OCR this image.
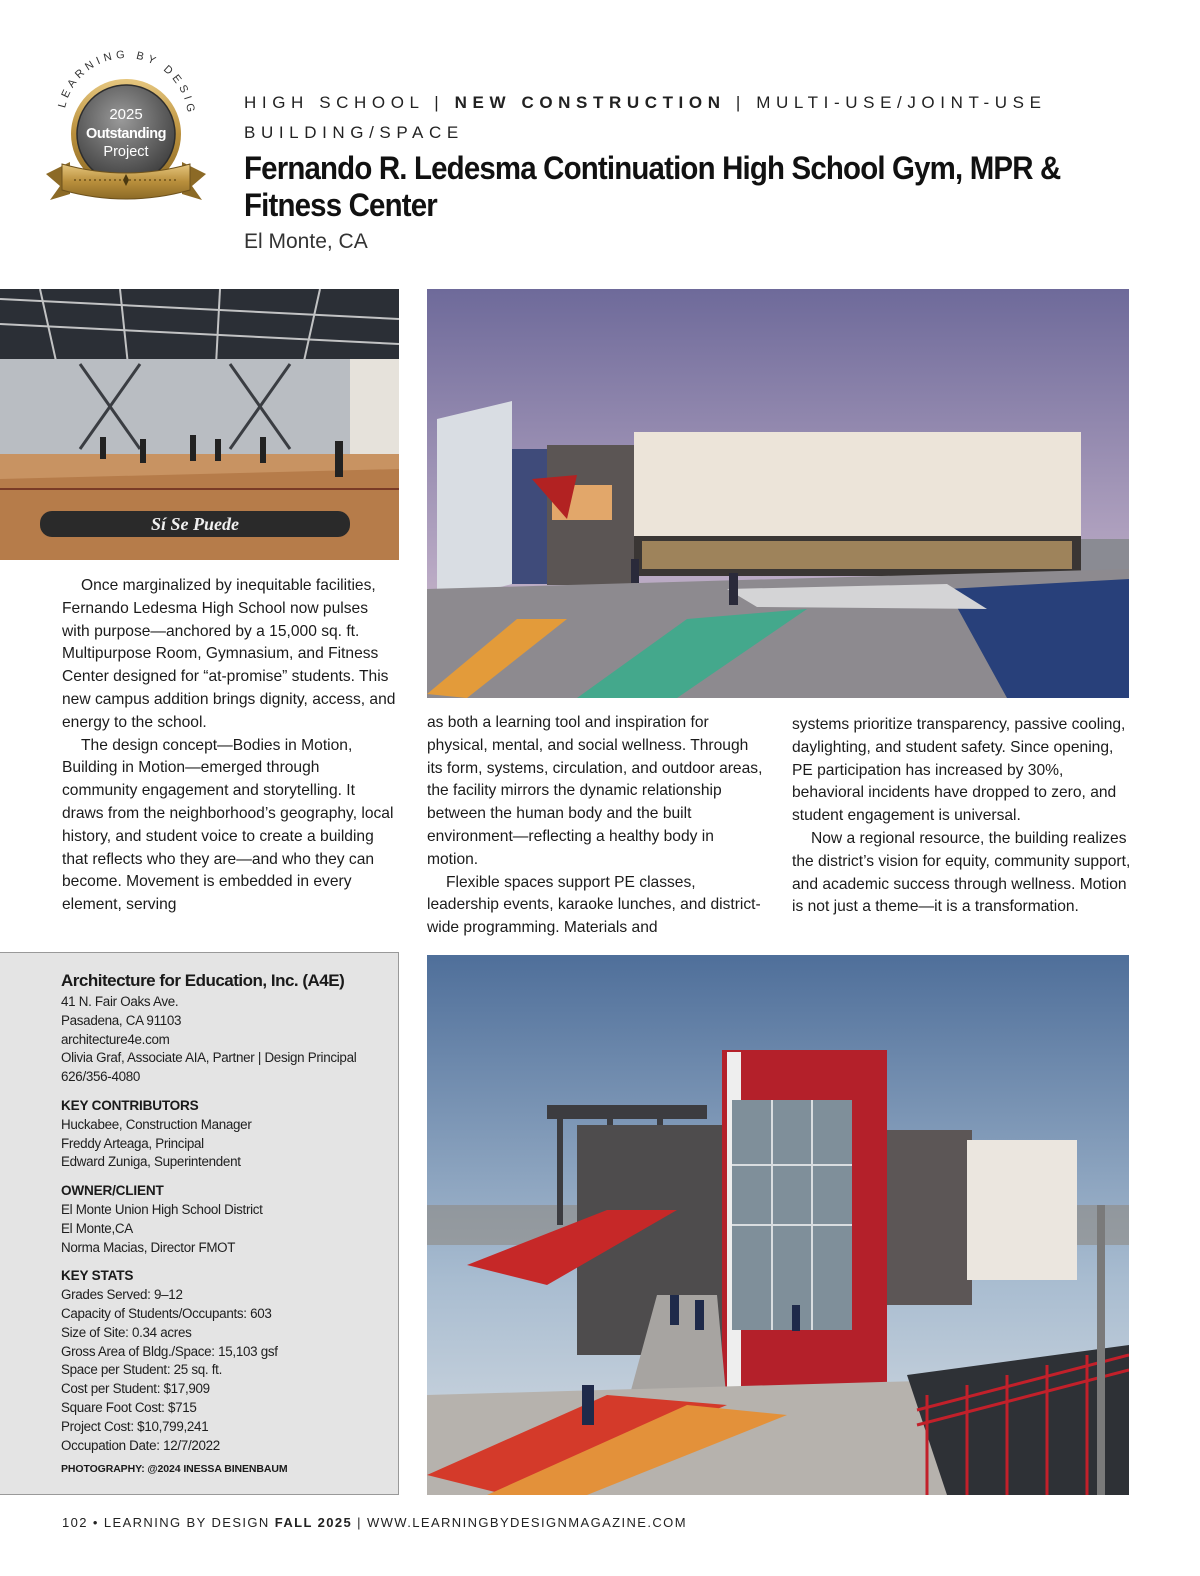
LEARNING BY DESIG
2025
Outstanding
Project
HIGH SCHOOL | NEW CONSTRUCTION | MULTI-USE/JOINT-USE BUILDING/SPACE
Fernando R. Ledesma Continuation High School Gym, MPR & Fitness Center
El Monte, CA
Sí Se Puede

Once marginalized by inequitable facilities, Fernando Ledesma High School now pulses with purpose—anchored by a 15,000 sq. ft. Multipurpose Room, Gymnasium, and Fitness Center designed for “at-promise” students. This new campus addition brings dignity, access, and energy to the school.

The design concept—Bodies in Motion, Building in Motion—emerged through community engagement and storytelling. It draws from the neighborhood’s geography, local history, and student voice to create a building that reflects who they are—and who they can become. Movement is embedded in every element, serving

as both a learning tool and inspiration for physical, mental, and social wellness. Through its form, systems, circulation, and outdoor areas, the facility mirrors the dynamic relationship between the human body and the built environment—reflecting a healthy body in motion.

Flexible spaces support PE classes, leadership events, karaoke lunches, and district-wide programming. Materials and

systems prioritize transparency, passive cooling, daylighting, and student safety. Since opening, PE participation has increased by 30%, behavioral incidents have dropped to zero, and student engagement is universal.

Now a regional resource, the building realizes the district’s vision for equity, community support, and academic success through wellness. Motion is not just a theme—it is a transformation.

Architecture for Education, Inc. (A4E)
41 N. Fair Oaks Ave.
Pasadena, CA 91103
architecture4e.com
Olivia Graf, Associate AIA, Partner | Design Principal
626/356-4080
KEY CONTRIBUTORS
Huckabee, Construction Manager
Freddy Arteaga, Principal
Edward Zuniga, Superintendent
OWNER/CLIENT
El Monte Union High School District
El Monte,CA
Norma Macias, Director FMOT
KEY STATS
Grades Served: 9–12
Capacity of Students/Occupants: 603
Size of Site: 0.34 acres
Gross Area of Bldg./Space: 15,103 gsf
Space per Student: 25 sq. ft.
Cost per Student: $17,909
Square Foot Cost: $715
Project Cost: $10,799,241
Occupation Date: 12/7/2022
PHOTOGRAPHY: @2024 INESSA BINENBAUM
102 • LEARNING BY DESIGN FALL 2025 | WWW.LEARNINGBYDESIGNMAGAZINE.COM
